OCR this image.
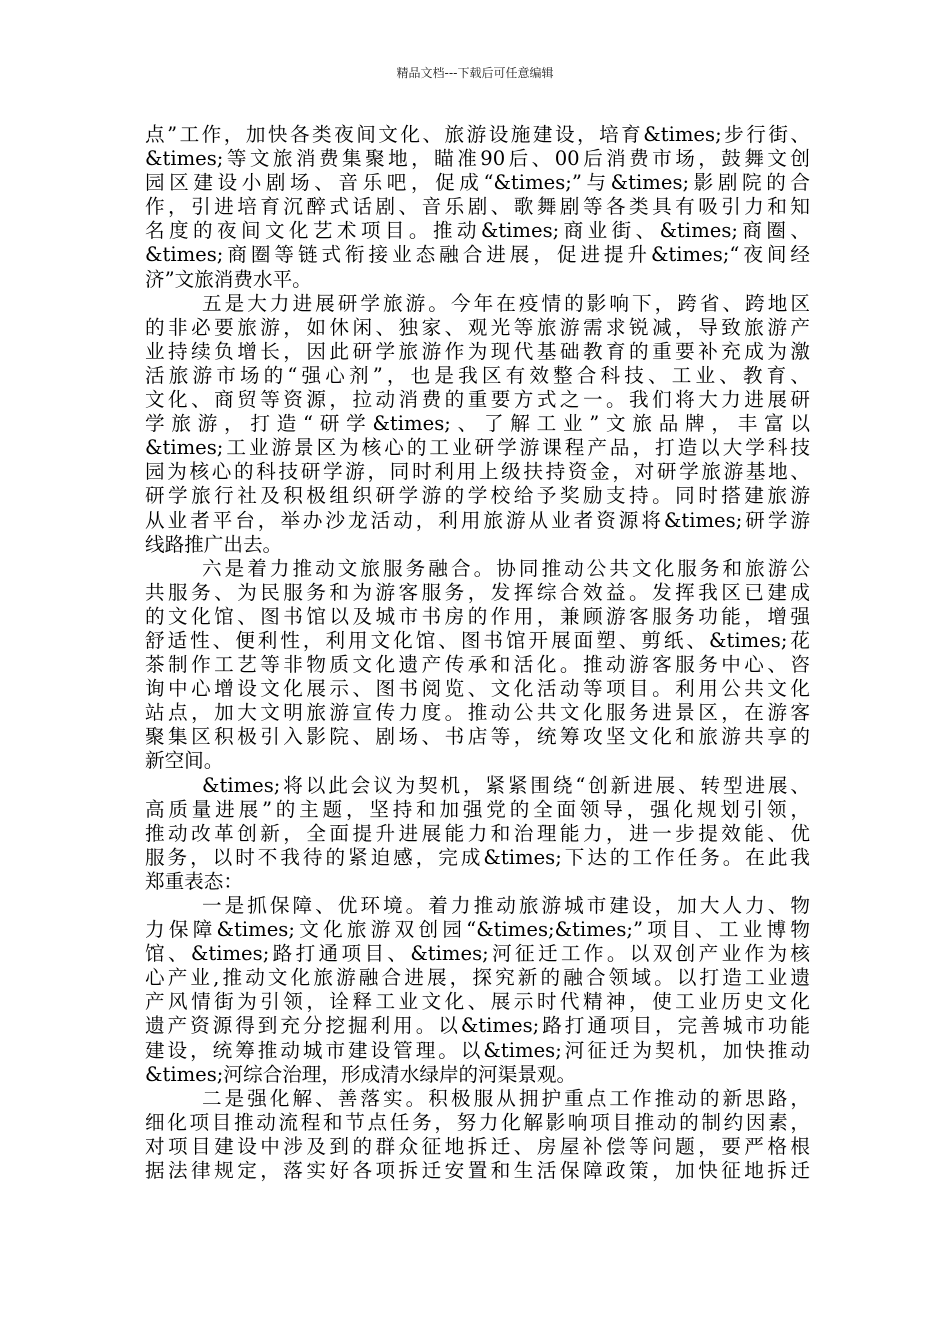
精品文档---下载后可任意编辑
点”工作，加快各类夜间文化、旅游设施建设，培育&times;步行街、
&times;等文旅消费集聚地，瞄准90后、00后消费市场，鼓舞文创
园区建设小剧场、音乐吧，促成“&times;”与&times;影剧院的合
作，引进培育沉醉式话剧、音乐剧、歌舞剧等各类具有吸引力和知
名度的夜间文化艺术项目。推动&times;商业街、&times;商圈、
&times;商圈等链式衔接业态融合进展，促进提升&times;“夜间经
济”文旅消费水平。
五是大力进展研学旅游。今年在疫情的影响下，跨省、跨地区
的非必要旅游，如休闲、独家、观光等旅游需求锐减，导致旅游产
业持续负增长，因此研学旅游作为现代基础教育的重要补充成为激
活旅游市场的“强心剂”，也是我区有效整合科技、工业、教育、
文化、商贸等资源，拉动消费的重要方式之一。我们将大力进展研
学旅游，打造“研学&times;、了解工业”文旅品牌，丰富以
&times;工业游景区为核心的工业研学游课程产品，打造以大学科技
园为核心的科技研学游，同时利用上级扶持资金，对研学旅游基地、
研学旅行社及积极组织研学游的学校给予奖励支持。同时搭建旅游
从业者平台，举办沙龙活动，利用旅游从业者资源将&times;研学游
线路推广出去。
六是着力推动文旅服务融合。协同推动公共文化服务和旅游公
共服务、为民服务和为游客服务，发挥综合效益。发挥我区已建成
的文化馆、图书馆以及城市书房的作用，兼顾游客服务功能，增强
舒适性、便利性，利用文化馆、图书馆开展面塑、剪纸、&times;花
茶制作工艺等非物质文化遗产传承和活化。推动游客服务中心、咨
询中心增设文化展示、图书阅览、文化活动等项目。利用公共文化
站点，加大文明旅游宣传力度。推动公共文化服务进景区，在游客
聚集区积极引入影院、剧场、书店等，统筹攻坚文化和旅游共享的
新空间。
&times;将以此会议为契机，紧紧围绕“创新进展、转型进展、
高质量进展”的主题，坚持和加强党的全面领导，强化规划引领，
推动改革创新，全面提升进展能力和治理能力，进一步提效能、优
服务，以时不我待的紧迫感，完成&times;下达的工作任务。在此我
郑重表态：
一是抓保障、优环境。着力推动旅游城市建设，加大人力、物
力保障&times;文化旅游双创园“&times;&times;”项目、工业博物
馆、&times;路打通项目、&times;河征迁工作。以双创产业作为核
心产业,推动文化旅游融合进展，探究新的融合领域。以打造工业遗
产风情街为引领，诠释工业文化、展示时代精神，使工业历史文化
遗产资源得到充分挖掘利用。以&times;路打通项目，完善城市功能
建设，统筹推动城市建设管理。以&times;河征迁为契机，加快推动
&times;河综合治理，形成清水绿岸的河渠景观。
二是强化解、善落实。积极服从拥护重点工作推动的新思路，
细化项目推动流程和节点任务，努力化解影响项目推动的制约因素，
对项目建设中涉及到的群众征地拆迁、房屋补偿等问题，要严格根
据法律规定，落实好各项拆迁安置和生活保障政策，加快征地拆迁
